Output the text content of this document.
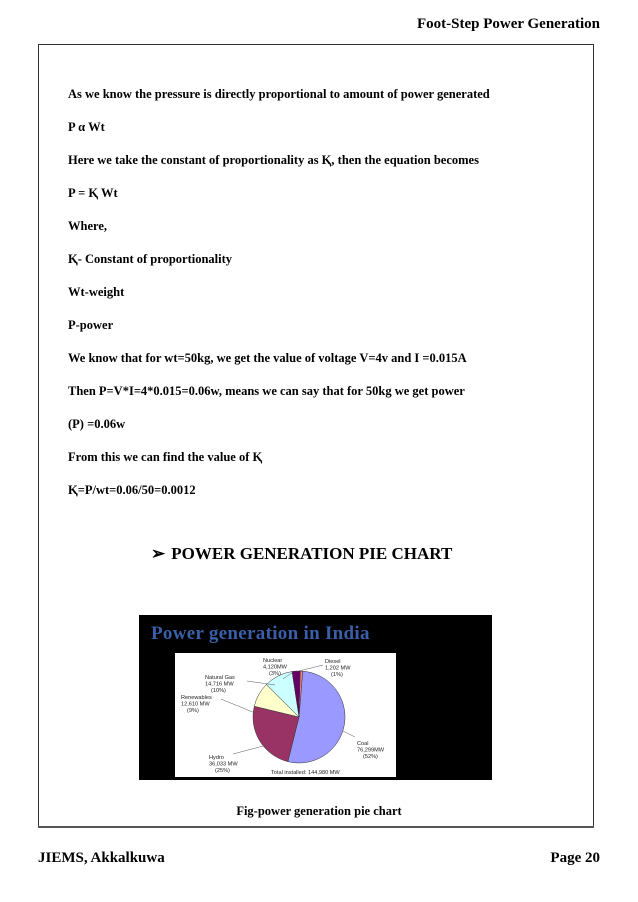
Foot-Step Power Generation
As we know the pressure is directly proportional to amount of power generated
P α Wt
Here we take the constant of proportionality as Ⱪ, then the equation becomes
P = Ⱪ Wt
Where,
Ⱪ- Constant of proportionality
Wt-weight
P-power
We know that for wt=50kg, we get the value of voltage V=4v and I =0.015A
Then P=V*I=4*0.015=0.06w, means we can say that for 50kg we get power
(P) =0.06w
From this we can find the value of Ⱪ
Ⱪ=P/wt=0.06/50=0.0012
➢ POWER GENERATION PIE CHART
Power generation in India
Coal
76,299MW
(52%)
Hydro
36,033 MW
(25%)
Renewables
12,610 MW
(9%)
Natural Gas
14,716 MW
(10%)
Nuclear
4,120MW
(3%)
Diesel
1,202 MW
(1%)
Total installed: 144,980 MW
Fig-power generation pie chart
JIEMS, Akkalkuwa	Page 20
